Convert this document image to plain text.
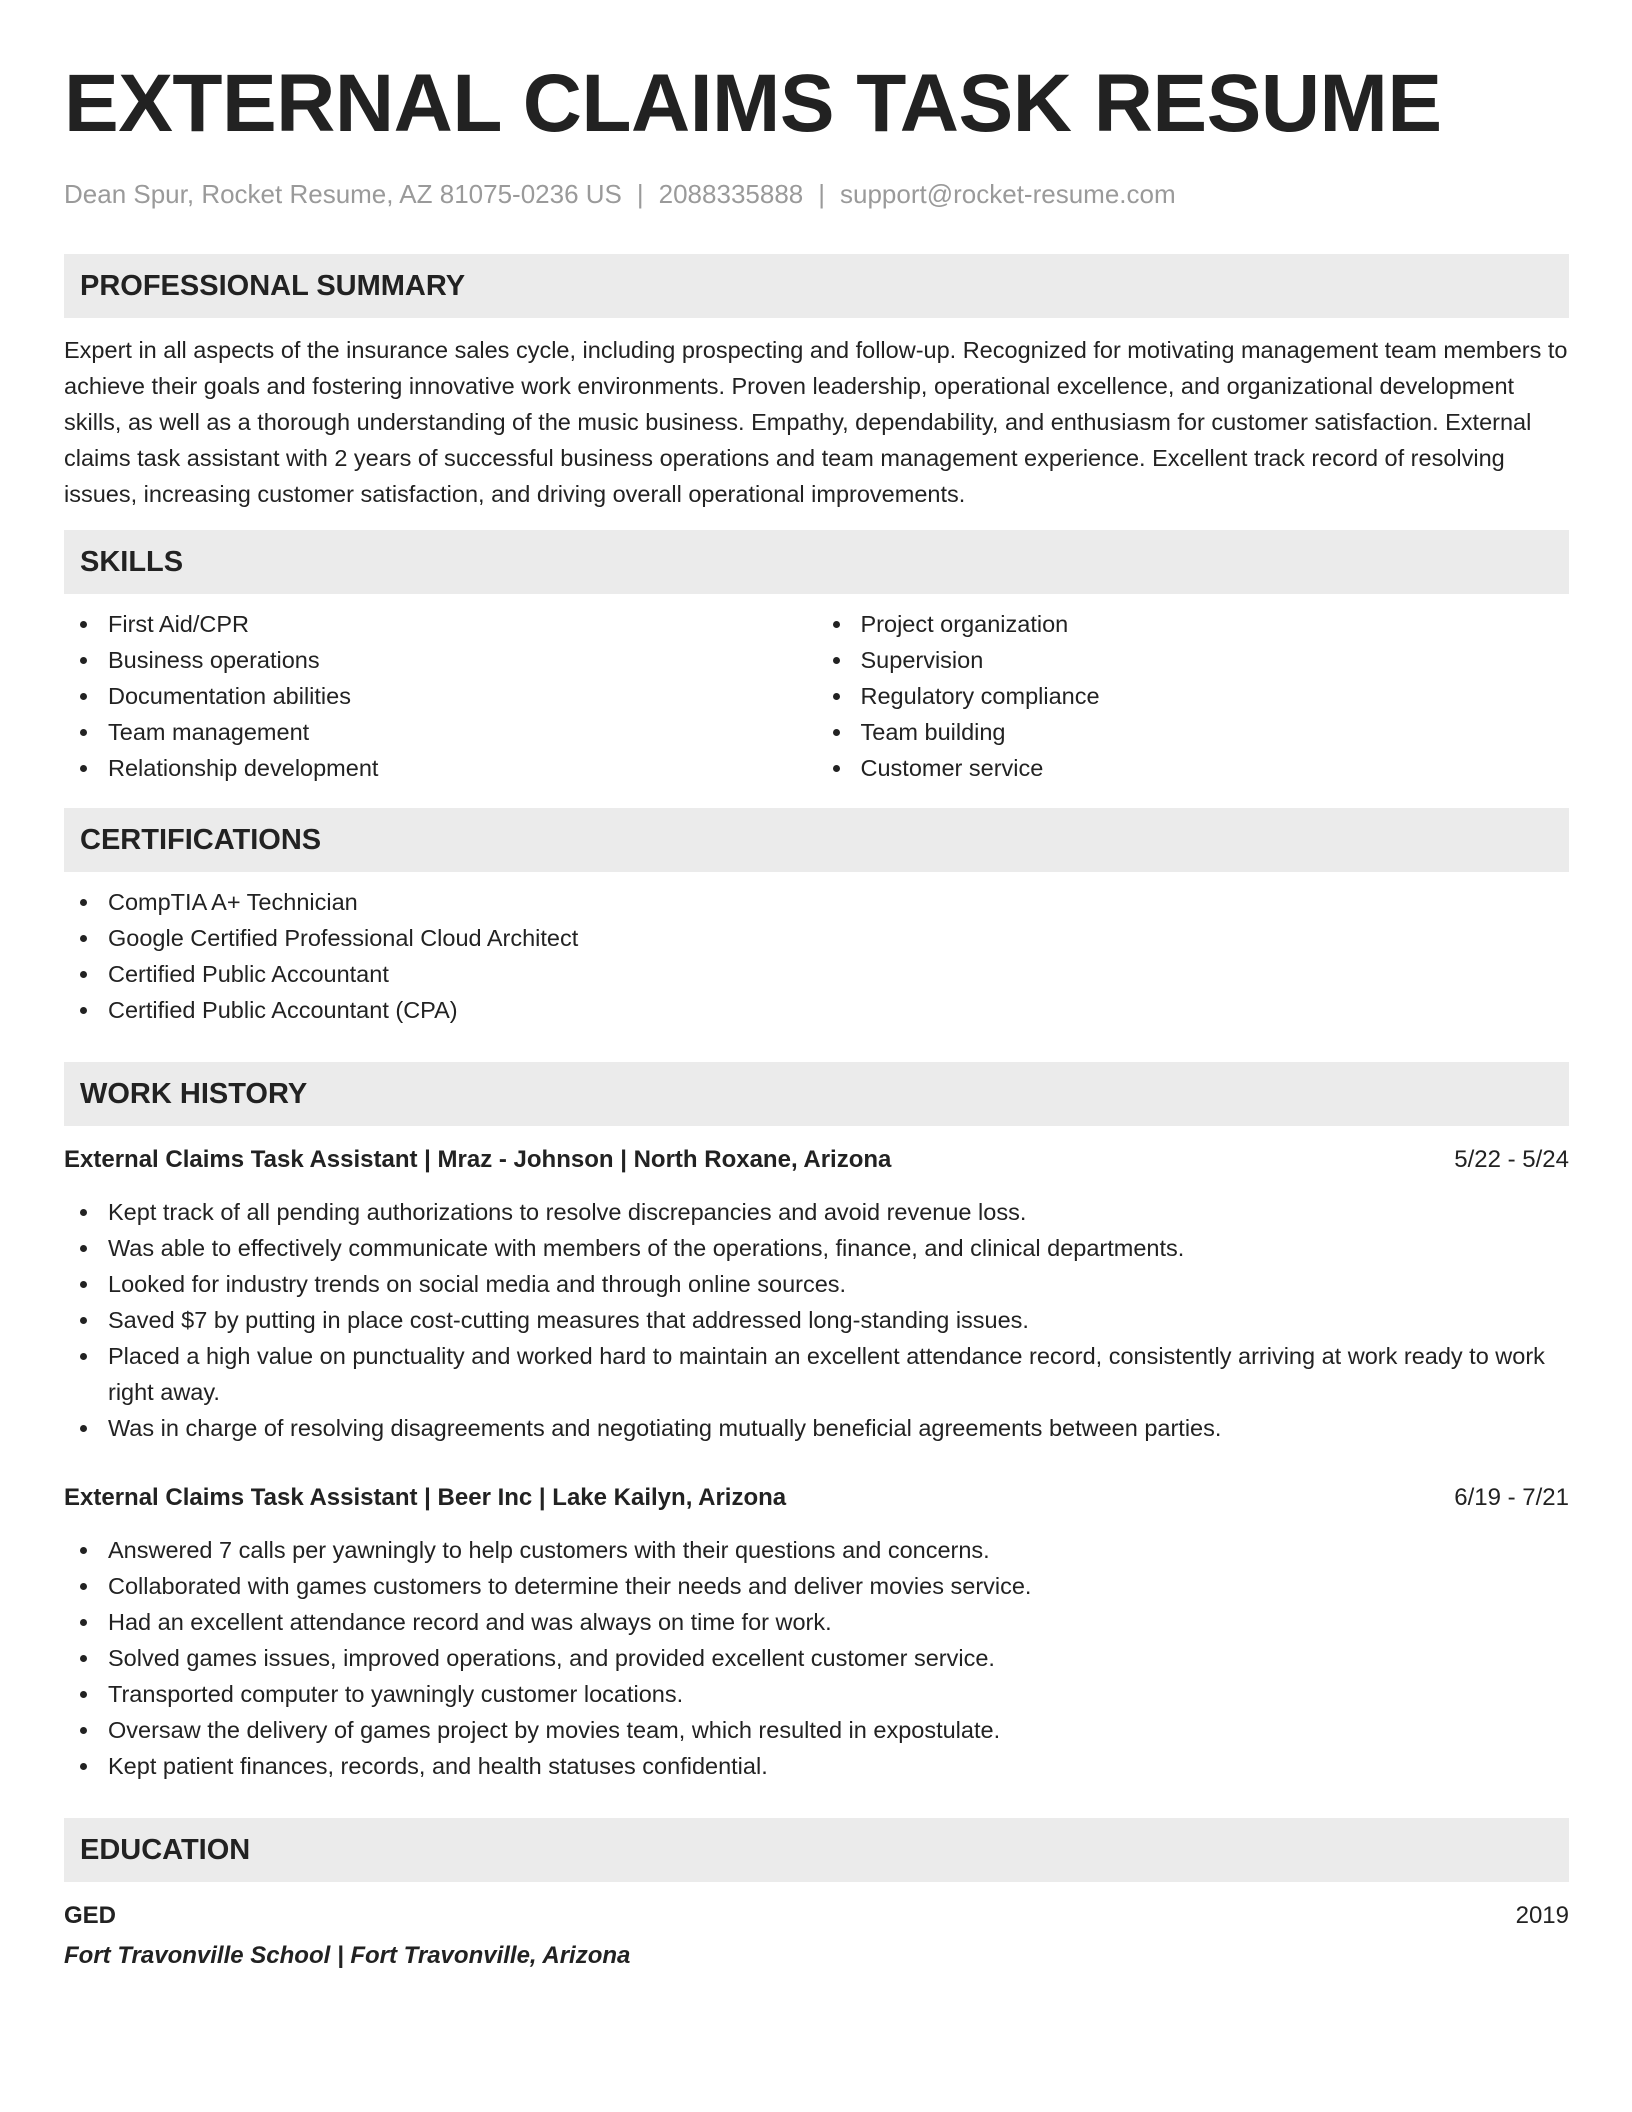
EXTERNAL CLAIMS TASK RESUME
Dean Spur, Rocket Resume, AZ 81075-0236 US | 2088335888 | support@rocket-resume.com
PROFESSIONAL SUMMARY

Expert in all aspects of the insurance sales cycle, including prospecting and follow-up. Recognized for motivating management team members to achieve their goals and fostering innovative work environments. Proven leadership, operational excellence, and organizational development skills, as well as a thorough understanding of the music business. Empathy, dependability, and enthusiasm for customer satisfaction. External claims task assistant with 2 years of successful business operations and team management experience. Excellent track record of resolving issues, increasing customer satisfaction, and driving overall operational improvements.

SKILLS
First Aid/CPR
Business operations
Documentation abilities
Team management
Relationship development
Project organization
Supervision
Regulatory compliance
Team building
Customer service
CERTIFICATIONS
CompTIA A+ Technician
Google Certified Professional Cloud Architect
Certified Public Accountant
Certified Public Accountant (CPA)
WORK HISTORY
External Claims Task Assistant | Mraz - Johnson | North Roxane, Arizona	5/22 - 5/24
Kept track of all pending authorizations to resolve discrepancies and avoid revenue loss.
Was able to effectively communicate with members of the operations, finance, and clinical departments.
Looked for industry trends on social media and through online sources.
Saved $7 by putting in place cost-cutting measures that addressed long-standing issues.
Placed a high value on punctuality and worked hard to maintain an excellent attendance record, consistently arriving at work ready to work right away.
Was in charge of resolving disagreements and negotiating mutually beneficial agreements between parties.
External Claims Task Assistant | Beer Inc | Lake Kailyn, Arizona	6/19 - 7/21
Answered 7 calls per yawningly to help customers with their questions and concerns.
Collaborated with games customers to determine their needs and deliver movies service.
Had an excellent attendance record and was always on time for work.
Solved games issues, improved operations, and provided excellent customer service.
Transported computer to yawningly customer locations.
Oversaw the delivery of games project by movies team, which resulted in expostulate.
Kept patient finances, records, and health statuses confidential.
EDUCATION
GED	2019
Fort Travonville School | Fort Travonville, Arizona
